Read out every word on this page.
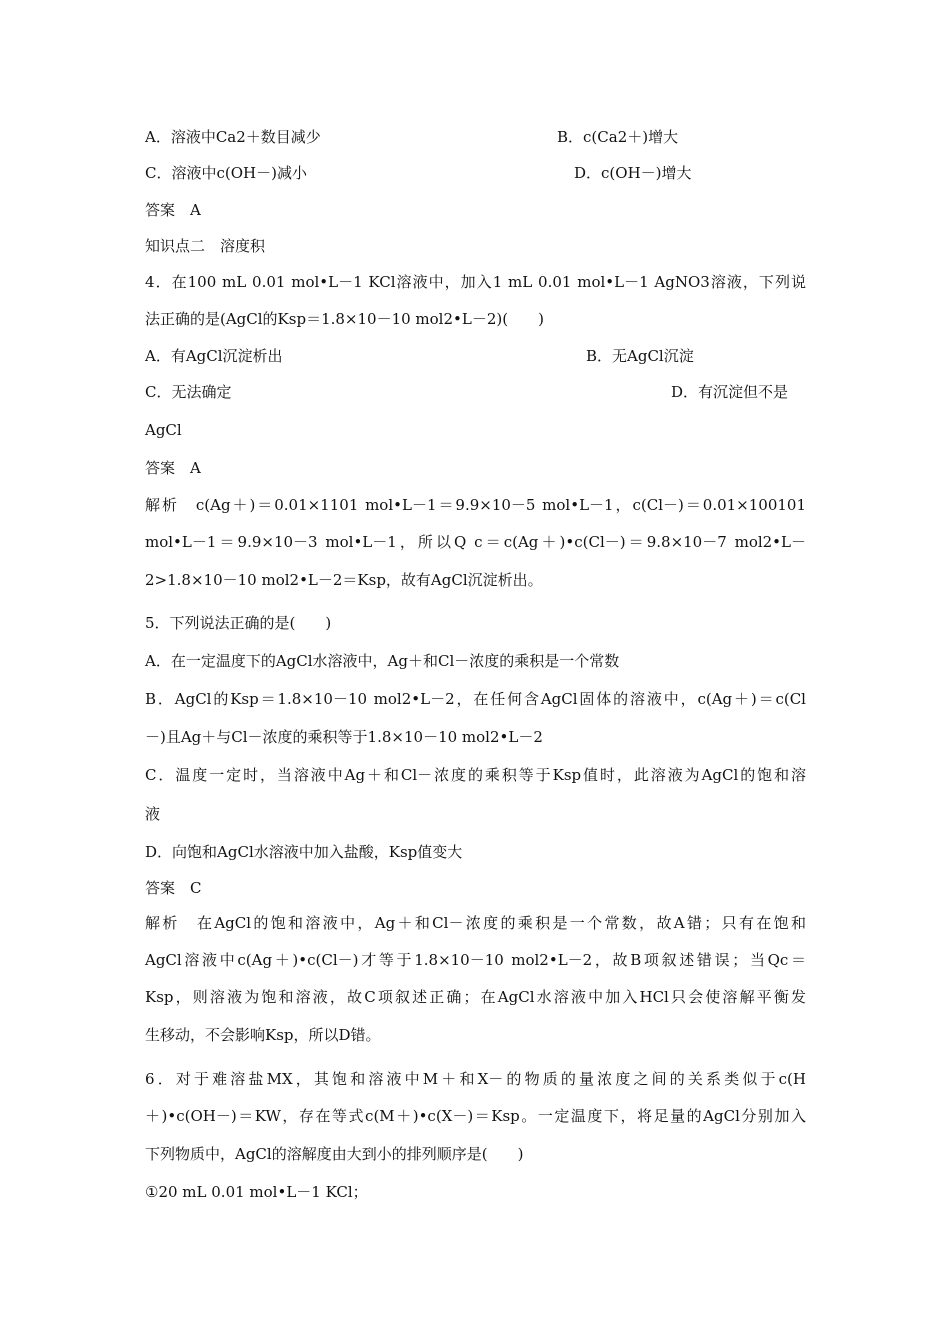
A．溶液中Ca2＋数目减少	B．c(Ca2＋)增大
C．溶液中c(OH－)减小	D．c(OH－)增大
答案　A
知识点二　溶度积
4．在100 mL 0.01 mol•L－1 KCl溶液中，加入1 mL 0.01 mol•L－1 AgNO3溶液，下列说
法正确的是(AgCl的Ksp＝1.8×10－10 mol2•L－2)(　　)
A．有AgCl沉淀析出	B．无AgCl沉淀
C．无法确定	D．有沉淀但不是
AgCl
答案　A
解析　c(Ag＋)＝0.01×1101 mol•L－1＝9.9×10－5 mol•L－1，c(Cl－)＝0.01×100101
mol•L－1＝9.9×10－3 mol•L－1，所以Q c＝c(Ag＋)•c(Cl－)＝9.8×10－7 mol2•L－
2>1.8×10－10 mol2•L－2＝Ksp，故有AgCl沉淀析出。
5．下列说法正确的是(　　)
A．在一定温度下的AgCl水溶液中，Ag＋和Cl－浓度的乘积是一个常数
B．AgCl的Ksp＝1.8×10－10 mol2•L－2，在任何含AgCl固体的溶液中，c(Ag＋)＝c(Cl
－)且Ag＋与Cl－浓度的乘积等于1.8×10－10 mol2•L－2
C．温度一定时，当溶液中Ag＋和Cl－浓度的乘积等于Ksp值时，此溶液为AgCl的饱和溶
液
D．向饱和AgCl水溶液中加入盐酸，Ksp值变大
答案　C
解析　在AgCl的饱和溶液中，Ag＋和Cl－浓度的乘积是一个常数，故A错；只有在饱和
AgCl溶液中c(Ag＋)•c(Cl－)才等于1.8×10－10 mol2•L－2，故B项叙述错误；当Qc＝
Ksp，则溶液为饱和溶液，故C项叙述正确；在AgCl水溶液中加入HCl只会使溶解平衡发
生移动，不会影响Ksp，所以D错。
6．对于难溶盐MX，其饱和溶液中M＋和X－的物质的量浓度之间的关系类似于c(H
＋)•c(OH－)＝KW，存在等式c(M＋)•c(X－)＝Ksp。一定温度下，将足量的AgCl分别加入
下列物质中，AgCl的溶解度由大到小的排列顺序是(　　)
①20 mL 0.01 mol•L－1 KCl；
